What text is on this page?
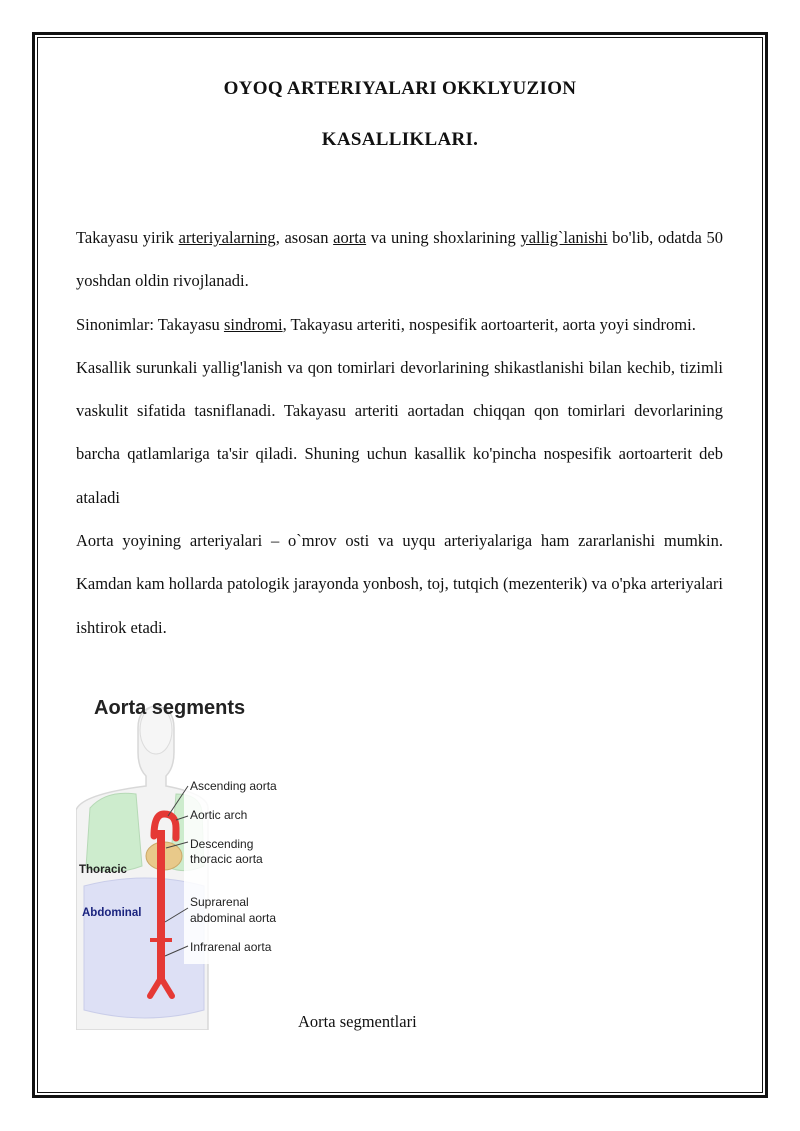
OYOQ ARTERIYALARI OKKLYUZION
KASALLIKLARI.

Takayasu yirik arteriyalarning, asosan aorta va uning shoxlarining yallig`lanishi bo'lib, odatda 50 yoshdan oldin rivojlanadi.

Sinonimlar: Takayasu sindromi, Takayasu arteriti, nospesifik aortoarterit, aorta yoyi sindromi.

Kasallik surunkali yallig'lanish va qon tomirlari devorlarining shikastlanishi bilan kechib, tizimli vaskulit sifatida tasniflanadi. Takayasu arteriti aortadan chiqqan qon tomirlari devorlarining barcha qatlamlariga ta'sir qiladi. Shuning uchun kasallik ko'pincha nospesifik aortoarterit deb ataladi

Aorta yoyining arteriyalari – o`mrov osti va uyqu arteriyalariga ham zararlanishi mumkin. Kamdan kam hollarda patologik jarayonda yonbosh, toj, tutqich (mezenterik) va o'pka arteriyalari ishtirok etadi.

Aorta segments
Ascending aorta
Aortic arch
Descending
thoracic aorta
Suprarenal
abdominal aorta
Infrarenal aorta
Thoracic
Abdominal
Aorta segmentlari
